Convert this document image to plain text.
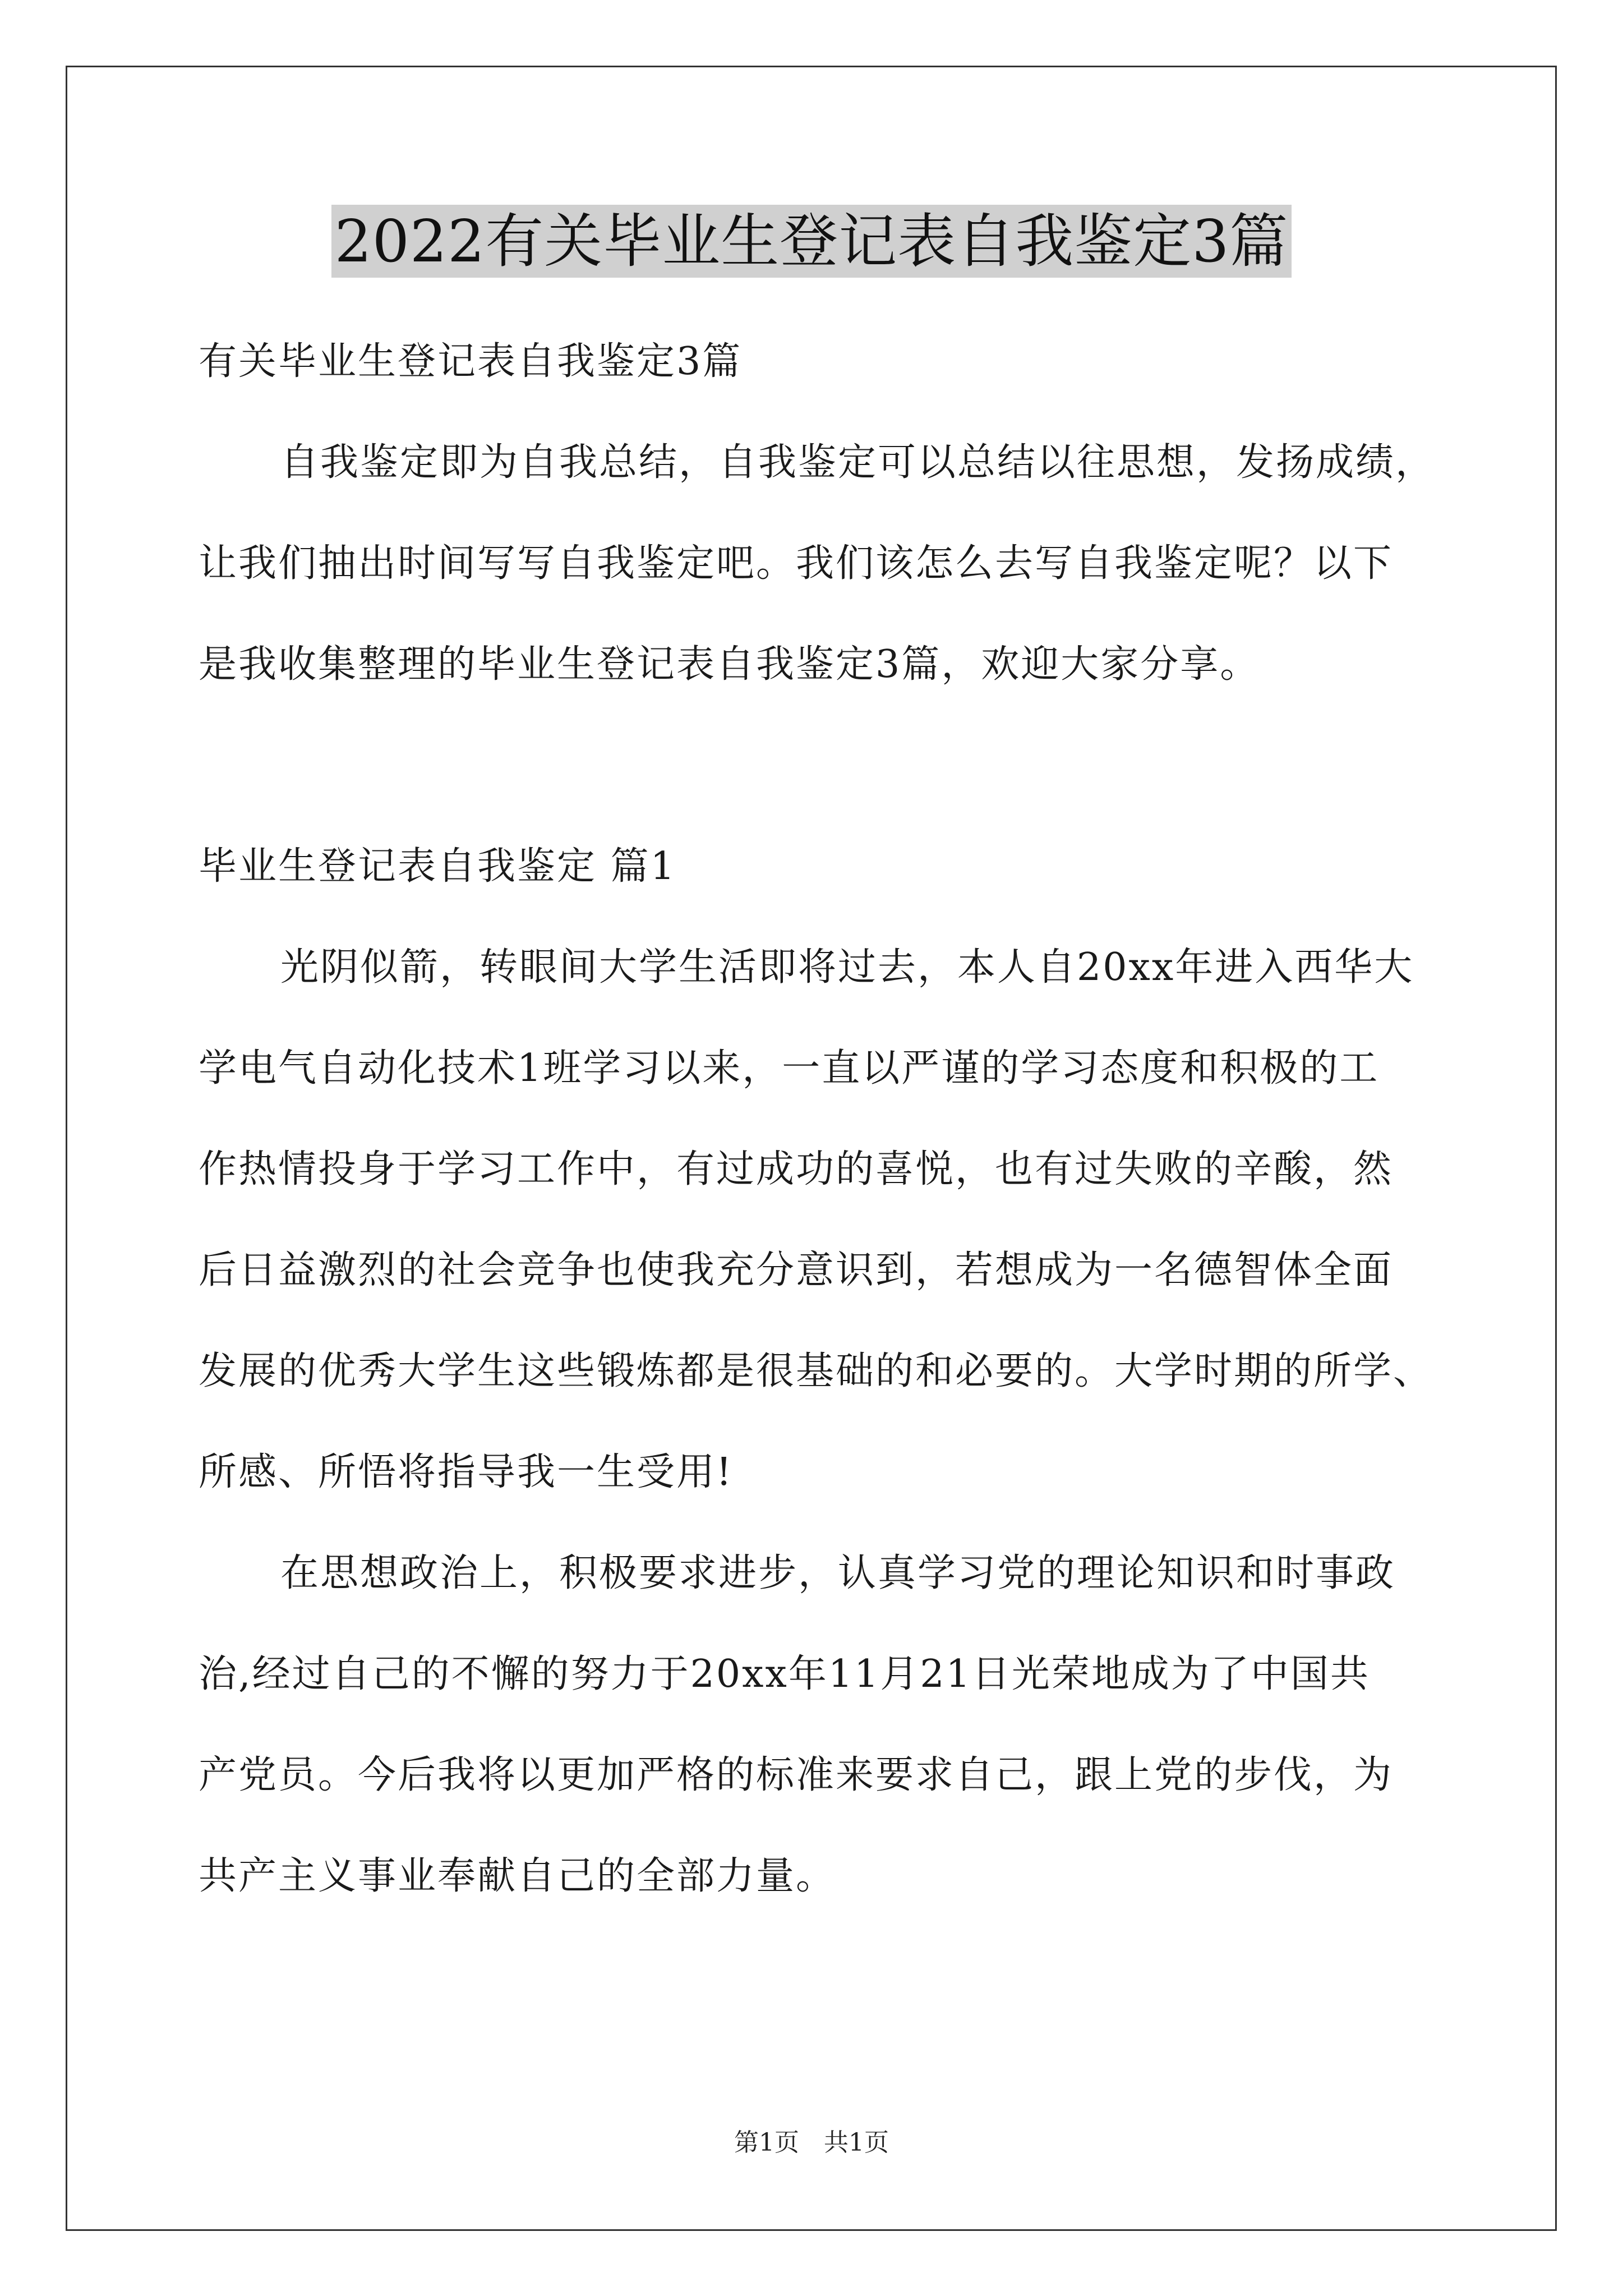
2022有关毕业生登记表自我鉴定3篇
有关毕业生登记表自我鉴定3篇
自我鉴定即为自我总结，自我鉴定可以总结以往思想，发扬成绩，
让我们抽出时间写写自我鉴定吧。我们该怎么去写自我鉴定呢？以下
是我收集整理的毕业生登记表自我鉴定3篇，欢迎大家分享。
毕业生登记表自我鉴定 篇1
光阴似箭，转眼间大学生活即将过去，本人自20xx年进入西华大
学电气自动化技术1班学习以来，一直以严谨的学习态度和积极的工
作热情投身于学习工作中，有过成功的喜悦，也有过失败的辛酸，然
后日益激烈的社会竞争也使我充分意识到，若想成为一名德智体全面
发展的优秀大学生这些锻炼都是很基础的和必要的。大学时期的所学、
所感、所悟将指导我一生受用!
在思想政治上，积极要求进步，认真学习党的理论知识和时事政
治,经过自己的不懈的努力于20xx年11月21日光荣地成为了中国共
产党员。今后我将以更加严格的标准来要求自己，跟上党的步伐，为
共产主义事业奉献自己的全部力量。
第1页　共1页
